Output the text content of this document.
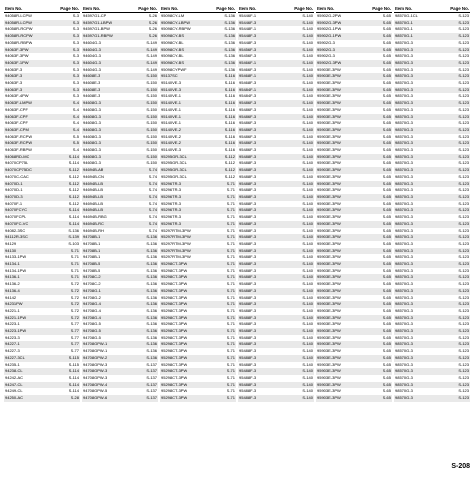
Item No.	Page No.
94058R-LCPW	S-3
94058R-LCPW	S-3
94058R-RCPW	S-3
94058R-RCPW	S-3
94058R-RBPW	S-3
94063F-3PW	S-3
94063F-3PW	S-3
94063F-1PW	S-3
94063F-3	S-3
94063F-3	S-3
94063F-3	S-3
94063F-3	S-3
94063F-4PW	S-3
94063F-LMPW	S-4
94063F-CPF	S-4
94063F-CPF	S-4
94063F-CPF	S-4
94063F-CPM	S-4
94063F-RCPW	S-5
94063F-RCPW	S-5
94063F-RBPW	S-4
94068RD-MC	S-114
94070CP75L	S-114
94070CP75DC	S-112
94070C-CAC	S-112
94070D-1	S-112
94070D-1	S-112
94070D-3	S-112
94070F-1	S-112
94070FCYC	S-114
94070FCPL	S-114
94070FC-VC	S-114
94082-3SC	S-136
94112R-3SC	S-139
94129	S-103
94130	S-71
94133-1PW	S-71
94134-1	S-71
94134-1PW	S-71
94136-1	S-71
94136-2	S-72
94136-4	S-72
94142	S-72
94231PW	S-72
94221-1	S-72
94221-1PW	S-72
94223-1	S-77
94223-1PW	S-77
94223-3	S-77
94227-1	S-77
94227-3	S-77
94227-3CL	S-115
94235-1	S-115
94238-CL	S-114
94242-AC	S-114
94247-CL	S-114
94249-CL	S-114
94250-AC	S-28
Item No.	Page No.
94597G1-CP	S-26
94597G1-LBPW	S-26
94597G1-BPW	S-26
94597G1-RBPW	S-26
94604G-3	S-149
94604G-3	S-149
94604G-3	S-149
94604G-3	S-149
94604G-3	S-149
94608E-3	S-150
94608E-3	S-150
94608E-3	S-150
94608E-3	S-150
94608G-3	S-150
94608G-3	S-150
94608G-3	S-150
94608G-3	S-150
94608G-3	S-150
94608G-3	S-150
94608G-3	S-150
94608G-3	S-150
94608G-3	S-150
94608G-3	S-150
94694B-AB	S-74
94694B-CN	S-74
94694B-LB	S-74
94694B-LB	S-74
94694B-LB	S-74
94694B-LB	S-74
94694B-LB	S-74
94694B-RBG	S-74
94694B-RC	S-74
94694B-RH	S-74
94708B-1	S-136
94708B-1	S-136
94708B-1	S-136
94708B-1	S-136
94708B-5	S-136
94708B-5	S-136
94708C-2	S-136
94708C-2	S-136
94708G-1	S-136
94708G-2	S-136
94708G-4	S-136
94708G-4	S-136
94708G-4	S-136
94708G-5	S-136
94708G-5	S-136
94708G-5	S-136
94708GPW-1	S-136
94708GPW-1	S-136
94708GPW-2	S-136
94708GPW-3	S-137
94708GPW-3	S-137
94708GPW-3	S-137
94708GPW-4	S-137
94708GPW-5	S-137
94708GPW-6	S-137
Item No.	Page No.
95098CY-LM	S-136
95098CY-LBPW	S-136
95098CY-RBPW	S-136
95098CY-BS	S-136
95098CY-BL	S-136
95098CY-BS	S-136
95098CY-BL	S-136
95098CY-BS	S-136
95098CYPWF	S-136
95137SC	S-116
95140VE-3	S-116
95140VE-3	S-116
95140VE-1	S-116
95140VE-1	S-116
95140VE-1	S-116
95140VE-1	S-116
95140VE-1	S-116
95140VE-2	S-116
95140VE-2	S-116
95140VE-2	S-116
95140VE-3	S-116
95295GR-3CL	S-112
95295GR-3CL	S-112
95295GR-3CL	S-112
95295GR-3CL	S-112
95296TR-3	S-71
95296TR-3	S-71
95296TR-3	S-71
95296TR-3	S-71
95296TR-3	S-71
95296TR-3	S-71
95296TR-3	S-71
95297RTM-3PW	S-71
95297RTM-3PW	S-71
95297RTM-3PW	S-71
95297RTM-3PW	S-71
95297RTM-3PW	S-71
95298CT-3PW	S-71
95298CT-3PW	S-71
95298CT-3PW	S-71
95298CT-3PW	S-71
95298CT-3PW	S-71
95298CT-3PW	S-71
95298CT-3PW	S-71
95298CT-3PW	S-71
95298CT-3PW	S-71
95298CT-3PW	S-71
95298CT-3PW	S-71
95298CT-3PW	S-71
95298CT-3PW	S-71
95298CT-3PW	S-71
95298CT-3PW	S-71
95298CT-3PW	S-71
95298CT-3PW	S-71
95298CT-3PW	S-71
95298CT-3PW	S-71
95298CT-3PW	S-71
95298CT-3PW	S-71
Item No.	Page No.
95446F-1	S-140
95446F-3	S-140
95448F-1	S-140
95448F-3	S-140
95448F-3	S-140
95456F-3	S-140
95456F-3	S-140
95466F-1	S-140
95466F-3	S-140
95468F-1	S-140
95468F-3	S-140
95484F-1	S-140
95484F-3	S-140
95486F-3	S-140
95486F-3	S-140
95486F-3	S-140
95486F-3	S-140
95486F-3	S-140
95486F-3	S-140
95486F-3	S-140
95486F-3	S-140
95488F-3	S-140
95488F-3	S-140
95488F-3	S-140
95488F-3	S-140
95488F-3	S-140
95488F-3	S-140
95488F-3	S-140
95488F-3	S-140
95488F-3	S-140
95488F-3	S-140
95488F-3	S-140
95488F-3	S-140
95488F-3	S-140
95488F-3	S-140
95488F-3	S-140
95488F-3	S-140
95488F-3	S-140
95488F-3	S-140
95488F-3	S-140
95488F-3	S-140
95488F-3	S-140
95488F-3	S-140
95488F-3	S-140
95488F-3	S-140
95488F-3	S-140
95488F-3	S-140
95488F-3	S-140
95488F-3	S-140
95488F-3	S-140
95488F-3	S-140
95488F-3	S-140
95488F-3	S-140
95488F-3	S-140
95488F-3	S-140
95488F-3	S-140
95488F-3	S-140
95488F-3	S-140
Item No.	Page No.
95902G-2PW	S-65
95902G-3PW	S-65
95902G-1PW	S-65
95902G-1PW	S-65
95902G-3	S-65
95902G-3	S-65
95902G-3	S-65
95902G-3PW	S-65
95903E-3PW	S-65
95903E-3PW	S-65
95903E-3PW	S-65
95903E-3PW	S-65
95903E-3PW	S-65
95903E-3PW	S-65
95903E-3PW	S-65
95903E-3PW	S-65
95903E-3PW	S-65
95903E-3PW	S-65
95903E-3PW	S-65
95903E-3PW	S-65
95903E-3PW	S-65
95903E-3PW	S-65
95903E-3PW	S-65
95903E-3PW	S-65
95903E-3PW	S-65
95903E-3PW	S-65
95903E-3PW	S-65
95903E-3PW	S-65
95903E-3PW	S-65
95903E-3PW	S-65
95903E-3PW	S-65
95903E-3PW	S-65
95903E-3PW	S-65
95903E-3PW	S-65
95903E-3PW	S-65
95903E-3PW	S-65
95903E-3PW	S-65
95903E-3PW	S-65
95903E-3PW	S-65
95903E-3PW	S-65
95903E-3PW	S-65
95903E-3PW	S-65
95903E-3PW	S-65
95903E-3PW	S-65
95903E-3PW	S-65
95903E-3PW	S-65
95903E-3PW	S-65
95903E-3PW	S-65
95903E-3PW	S-65
95903E-3PW	S-65
95903E-3PW	S-65
95903E-3PW	S-65
95903E-3PW	S-65
95903E-3PW	S-65
95903E-3PW	S-65
95903E-3PW	S-65
95903E-3PW	S-65
95903E-3PW	S-65
Item No.	Page No.
98570G-1CL	S-123
98570G-1	S-123
98570G-1	S-123
98570G-1	S-123
98570G-3	S-123
98570G-3	S-123
98570G-3	S-123
98570G-3	S-123
98570G-3	S-123
98570G-3	S-123
98570G-3	S-123
98570G-3	S-123
98570G-3	S-123
98570G-3	S-123
98570G-3	S-123
98570G-3	S-123
98570G-3	S-123
98570G-3	S-123
98570G-3	S-123
98570G-3	S-123
98570G-3	S-123
98570G-3	S-123
98570G-3	S-123
98570G-3	S-123
98570G-3	S-123
98570G-3	S-123
98570G-3	S-123
98570G-3	S-123
98570G-3	S-123
98570G-3	S-123
98570G-3	S-123
98570G-3	S-123
98570G-3	S-123
98570G-3	S-123
98570G-3	S-123
98570G-3	S-123
98570G-3	S-123
98570G-3	S-123
98570G-3	S-123
98570G-3	S-123
98570G-3	S-123
98570G-3	S-123
98570G-3	S-123
98570G-3	S-123
98570G-3	S-123
98570G-3	S-123
98570G-3	S-123
98570G-3	S-123
98570G-3	S-123
98570G-3	S-123
98570G-3	S-123
98570G-3	S-123
98570G-3	S-123
98570G-3	S-123
98570G-3	S-123
98570G-3	S-123
98570G-3	S-123
98570G-3	S-123
S-208
